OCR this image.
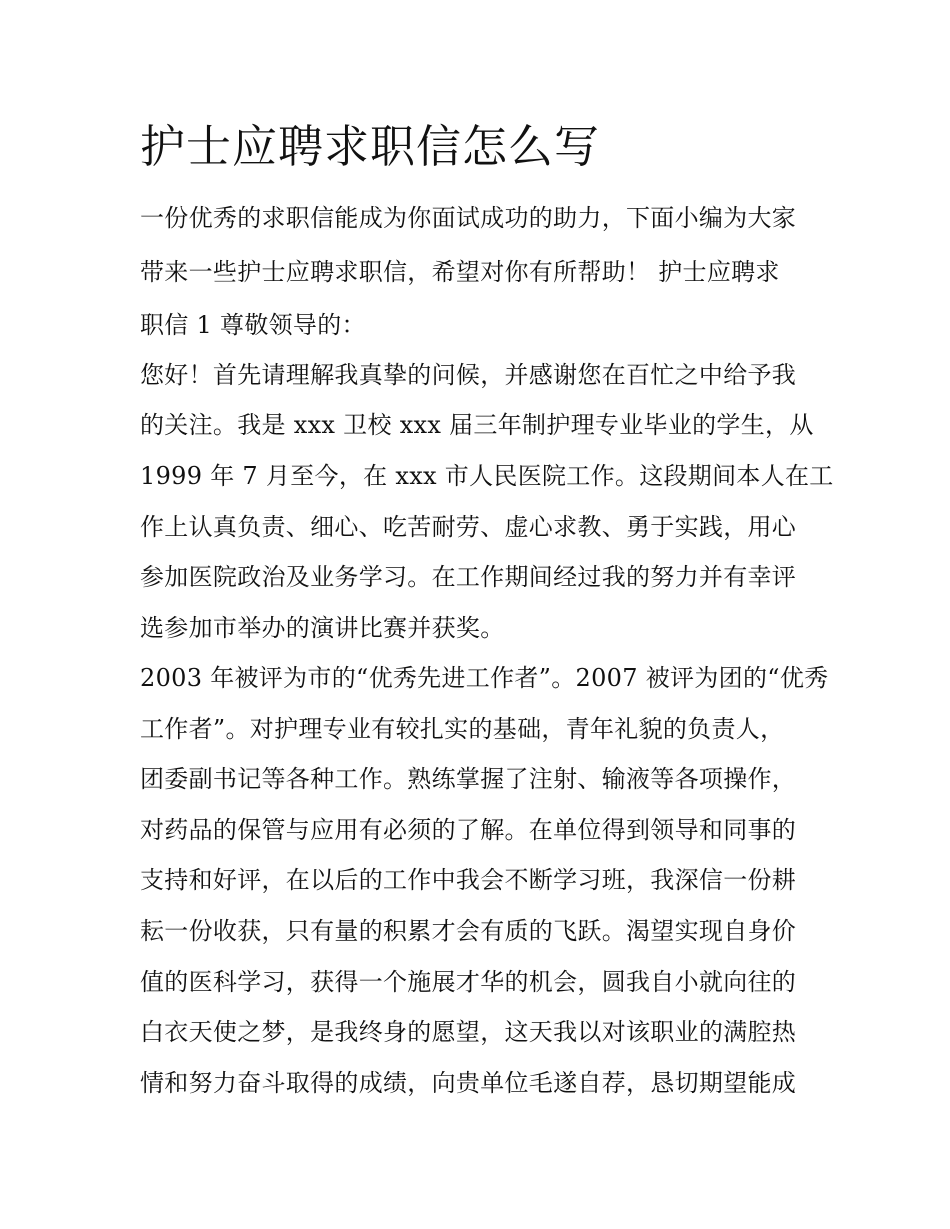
护士应聘求职信怎么写

一份优秀的求职信能成为你面试成功的助力，下面小编为大家

带来一些护士应聘求职信，希望对你有所帮助！ 护士应聘求

职信 1 尊敬领导的：

您好！首先请理解我真挚的问候，并感谢您在百忙之中给予我

的关注。我是 xxx 卫校 xxx 届三年制护理专业毕业的学生，从

1999 年 7 月至今，在 xxx 市人民医院工作。这段期间本人在工

作上认真负责、细心、吃苦耐劳、虚心求教、勇于实践，用心

参加医院政治及业务学习。在工作期间经过我的努力并有幸评

选参加市举办的演讲比赛并获奖。

2003 年被评为市的“优秀先进工作者”。2007 被评为团的“优秀

工作者”。对护理专业有较扎实的基础，青年礼貌的负责人，

团委副书记等各种工作。熟练掌握了注射、输液等各项操作，

对药品的保管与应用有必须的了解。在单位得到领导和同事的

支持和好评，在以后的工作中我会不断学习班，我深信一份耕

耘一份收获，只有量的积累才会有质的飞跃。渴望实现自身价

值的医科学习，获得一个施展才华的机会，圆我自小就向往的

白衣天使之梦，是我终身的愿望，这天我以对该职业的满腔热

情和努力奋斗取得的成绩，向贵单位毛遂自荐，恳切期望能成
